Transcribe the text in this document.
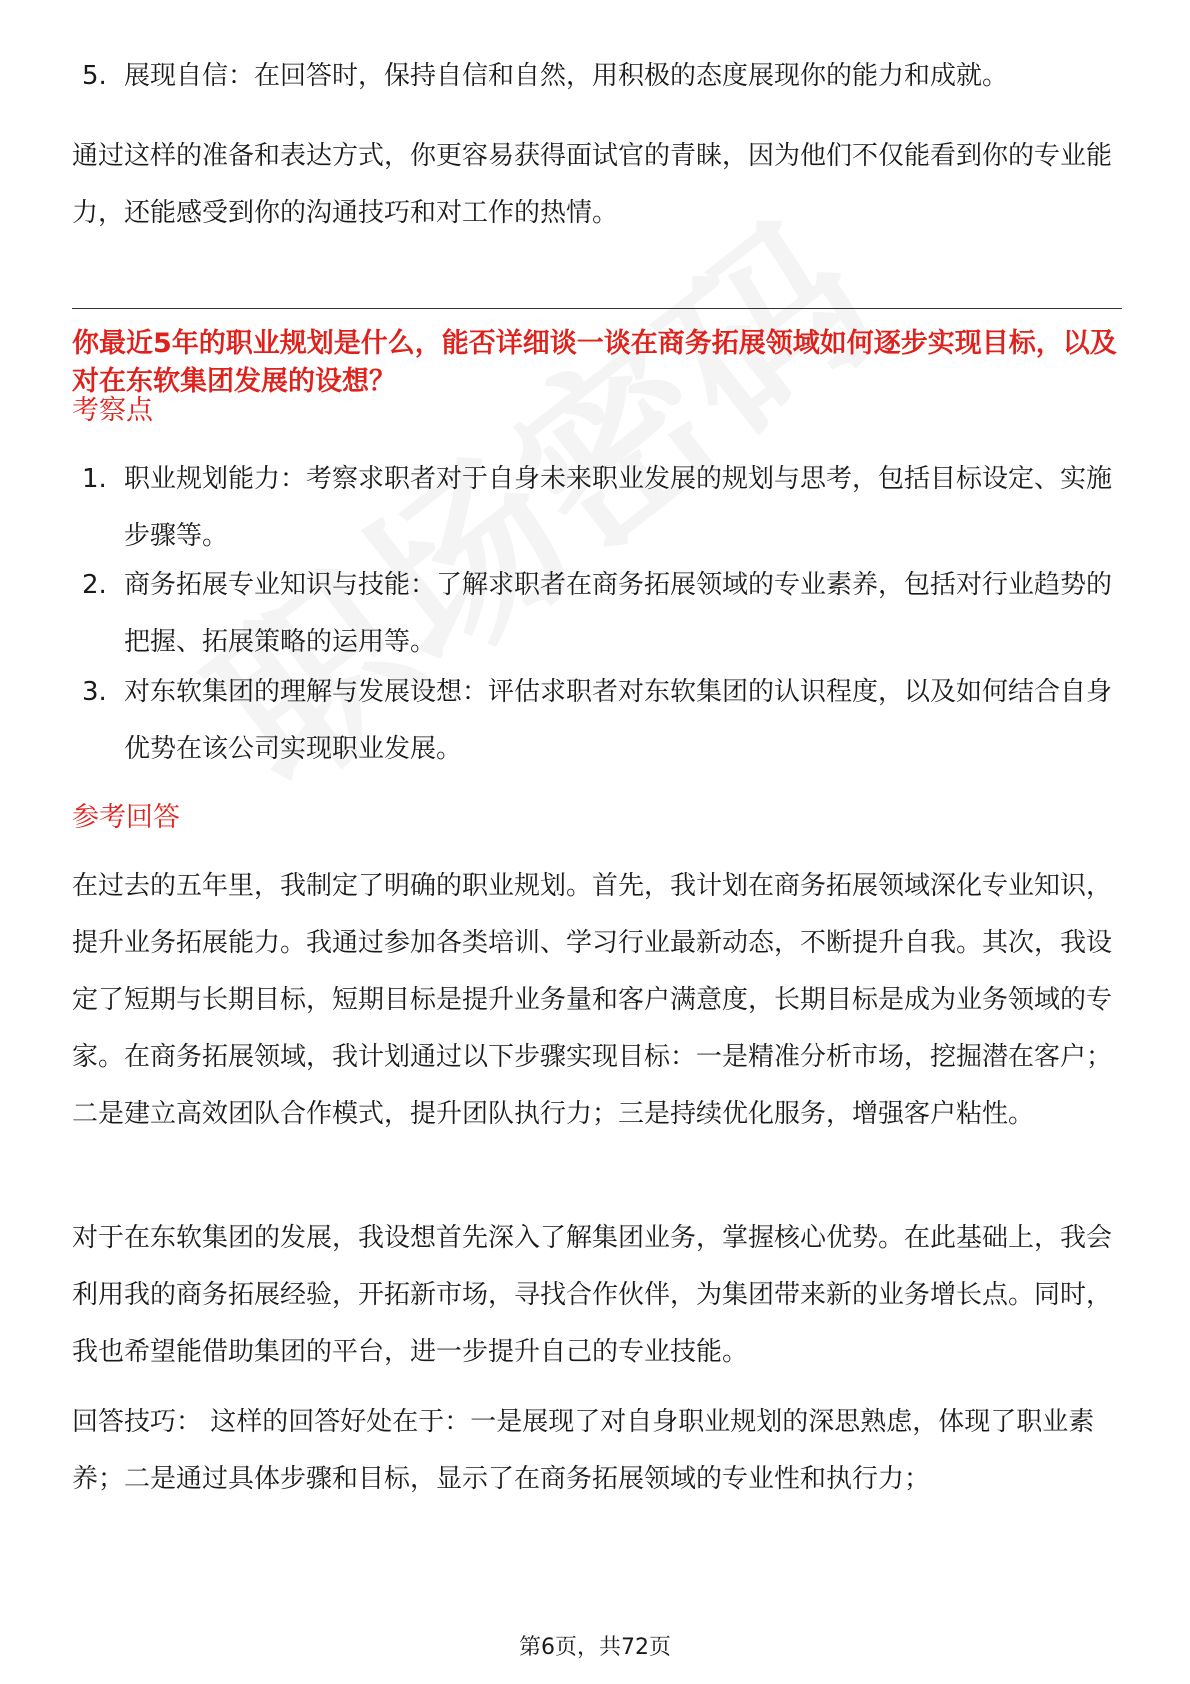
5. 展现自信：在回答时，保持自信和自然，用积极的态度展现你的能力和成就。
通过这样的准备和表达方式，你更容易获得面试官的青睐，因为他们不仅能看到你的专业能力，还能感受到你的沟通技巧和对工作的热情。
你最近5年的职业规划是什么，能否详细谈一谈在商务拓展领域如何逐步实现目标，以及对在东软集团发展的设想？
考察点
1. 职业规划能力：考察求职者对于自身未来职业发展的规划与思考，包括目标设定、实施步骤等。
2. 商务拓展专业知识与技能：了解求职者在商务拓展领域的专业素养，包括对行业趋势的把握、拓展策略的运用等。
3. 对东软集团的理解与发展设想：评估求职者对东软集团的认识程度，以及如何结合自身优势在该公司实现职业发展。
参考回答
在过去的五年里，我制定了明确的职业规划。首先，我计划在商务拓展领域深化专业知识，提升业务拓展能力。我通过参加各类培训、学习行业最新动态，不断提升自我。其次，我设定了短期与长期目标，短期目标是提升业务量和客户满意度，长期目标是成为业务领域的专家。在商务拓展领域，我计划通过以下步骤实现目标：一是精准分析市场，挖掘潜在客户；二是建立高效团队合作模式，提升团队执行力；三是持续优化服务，增强客户粘性。
对于在东软集团的发展，我设想首先深入了解集团业务，掌握核心优势。在此基础上，我会利用我的商务拓展经验，开拓新市场，寻找合作伙伴，为集团带来新的业务增长点。同时，我也希望能借助集团的平台，进一步提升自己的专业技能。
回答技巧： 这样的回答好处在于：一是展现了对自身职业规划的深思熟虑，体现了职业素养；二是通过具体步骤和目标，显示了在商务拓展领域的专业性和执行力；
第6页，共72页
